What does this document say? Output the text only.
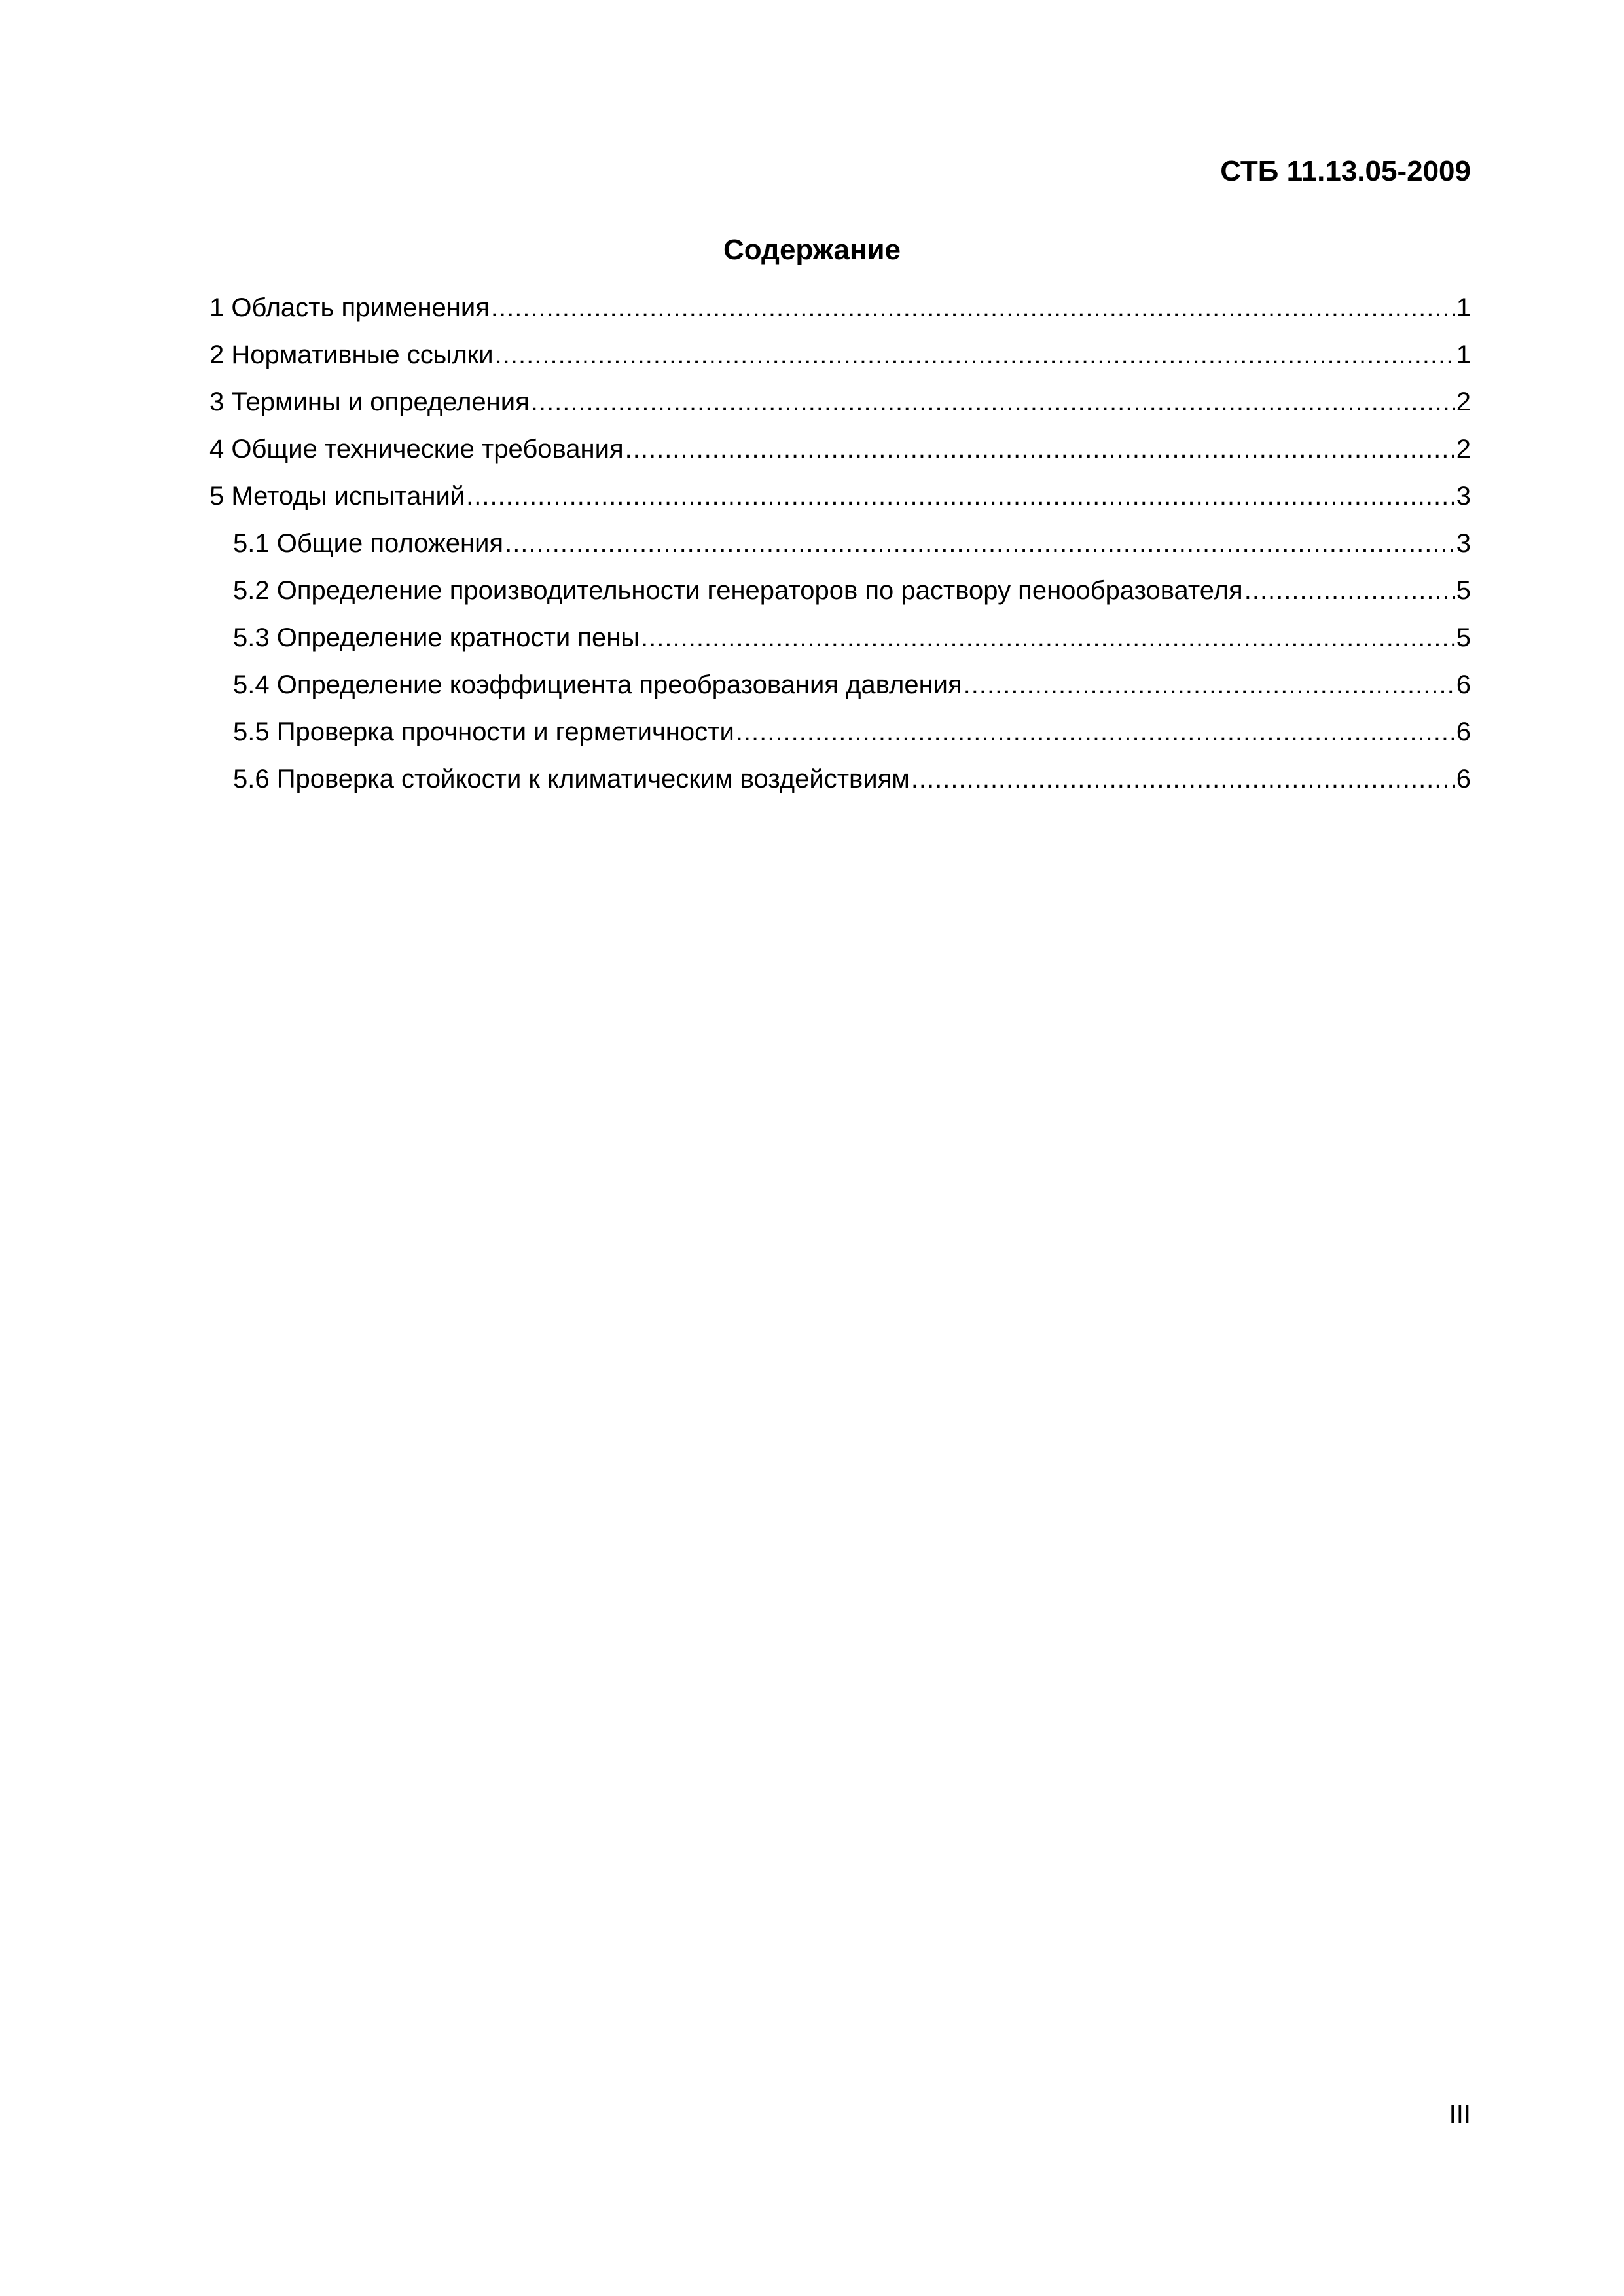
СТБ 11.13.05-2009
Содержание
1 Область применения .....	1
2 Нормативные ссылки .....	1
3 Термины и определения .....	2
4 Общие технические требования .....	2
5 Методы испытаний .....	3
5.1 Общие положения .....	3
5.2 Определение производительности генераторов по раствору пенообразователя .....	5
5.3 Определение кратности пены .....	5
5.4 Определение коэффициента преобразования давления .....	6
5.5 Проверка прочности и герметичности .....	6
5.6 Проверка стойкости к климатическим воздействиям .....	6
III
